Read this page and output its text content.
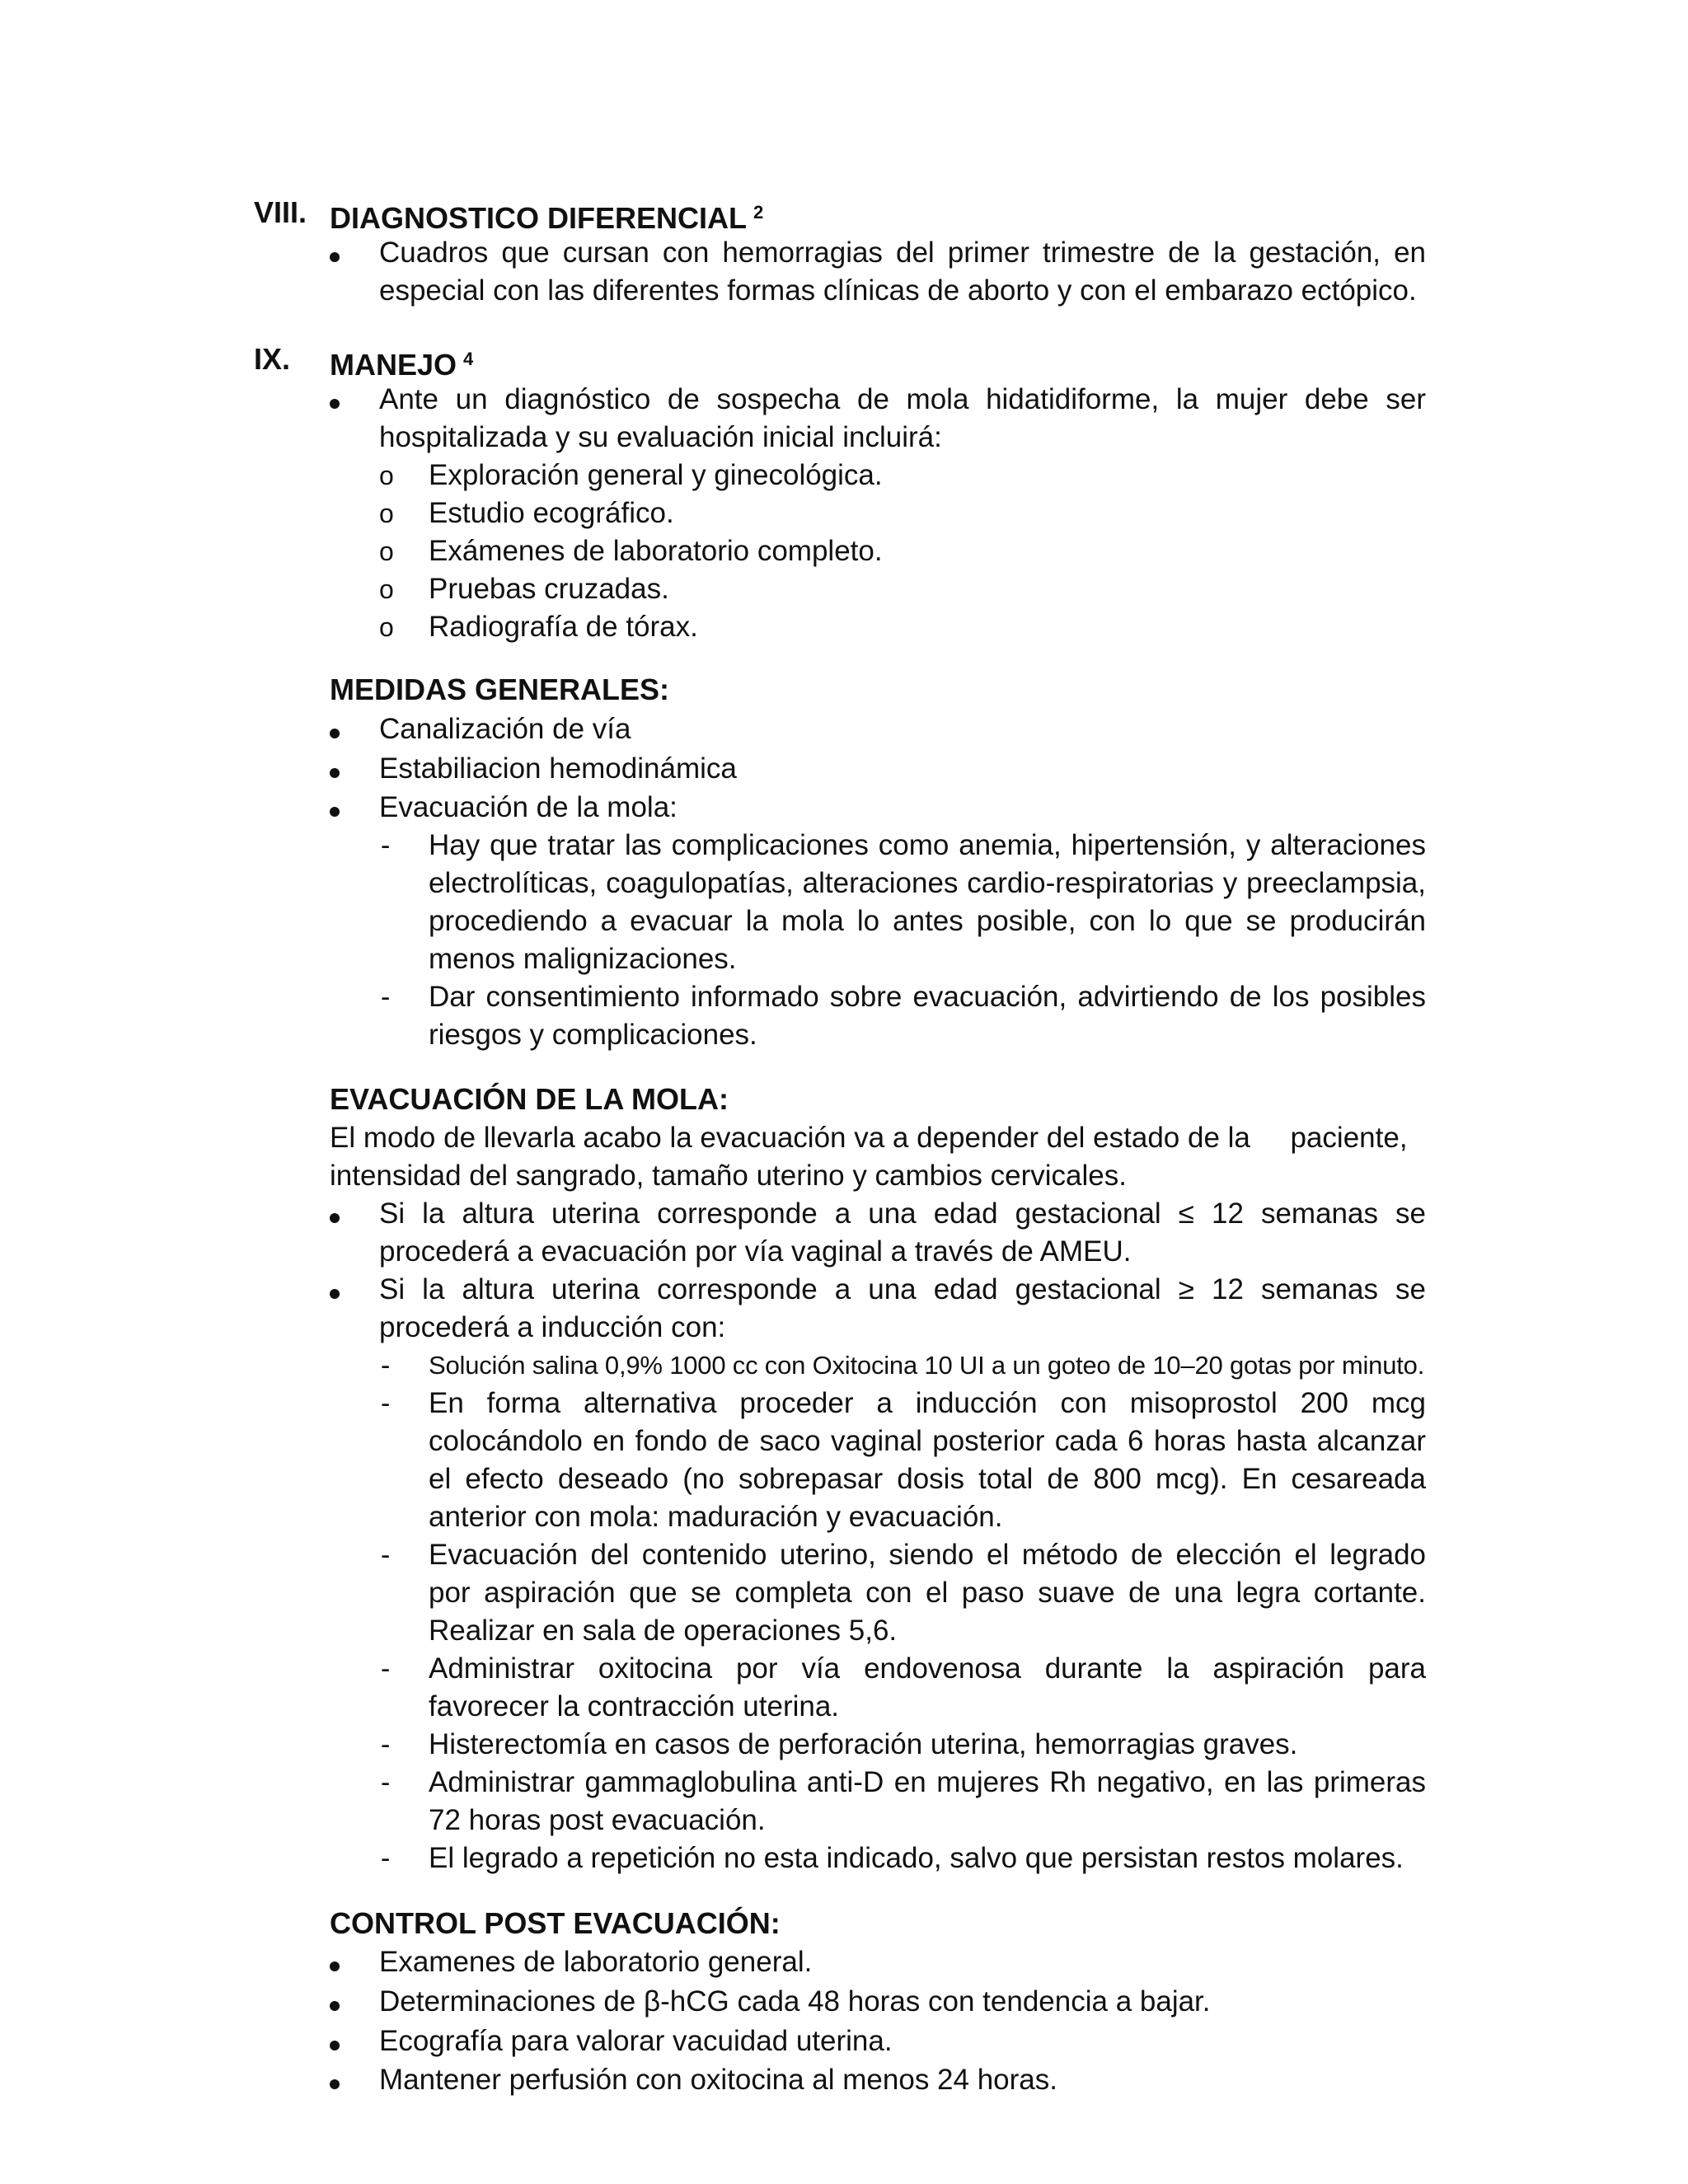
VIII. DIAGNOSTICO DIFERENCIAL $^2$
Cuadros que cursan con hemorragias del primer trimestre de la gestación, en especial con las diferentes formas clínicas de aborto y con el embarazo ectópico.
IX. MANEJO $^4$
Ante un diagnóstico de sospecha de mola hidatidiforme, la mujer debe ser hospitalizada y su evaluación inicial incluirá:
o Exploración general y ginecológica.
o Estudio ecográfico.
o Exámenes de laboratorio completo.
o Pruebas cruzadas.
o Radiografía de tórax.
MEDIDAS GENERALES:
Canalización de vía
Estabiliacion hemodinámica
Evacuación de la mola:
- Hay que tratar las complicaciones como anemia, hipertensión, y alteraciones electrolíticas, coagulopatías, alteraciones cardio-respiratorias y preeclampsia, procediendo a evacuar la mola lo antes posible, con lo que se producirán menos malignizaciones.
- Dar consentimiento informado sobre evacuación, advirtiendo de los posibles riesgos y complicaciones.
EVACUACIÓN DE LA MOLA:
El modo de llevarla acabo la evacuación va a depender del estado de la     paciente,
intensidad del sangrado, tamaño uterino y cambios cervicales.
Si la altura uterina corresponde a una edad gestacional ≤ 12 semanas se procederá a evacuación por vía vaginal a través de AMEU.
Si la altura uterina corresponde a una edad gestacional ≥ 12 semanas se procederá a inducción con:
- Solución salina 0,9% 1000 cc con Oxitocina 10 UI a un goteo de 10–20 gotas por minuto.
- En forma alternativa proceder a inducción con misoprostol 200 mcg colocándolo en fondo de saco vaginal posterior cada 6 horas hasta alcanzar el efecto deseado (no sobrepasar dosis total de 800 mcg). En cesareada anterior con mola: maduración y evacuación.
- Evacuación del contenido uterino, siendo el método de elección el legrado por aspiración que se completa con el paso suave de una legra cortante. Realizar en sala de operaciones 5,6.
- Administrar oxitocina por vía endovenosa durante la aspiración para favorecer la contracción uterina.
- Histerectomía en casos de perforación uterina, hemorragias graves.
- Administrar gammaglobulina anti-D en mujeres Rh negativo, en las primeras 72 horas post evacuación.
- El legrado a repetición no esta indicado, salvo que persistan restos molares.
CONTROL POST EVACUACIÓN:
Examenes de laboratorio general.
Determinaciones de β-hCG cada 48 horas con tendencia a bajar.
Ecografía para valorar vacuidad uterina.
Mantener perfusión con oxitocina al menos 24 horas.
